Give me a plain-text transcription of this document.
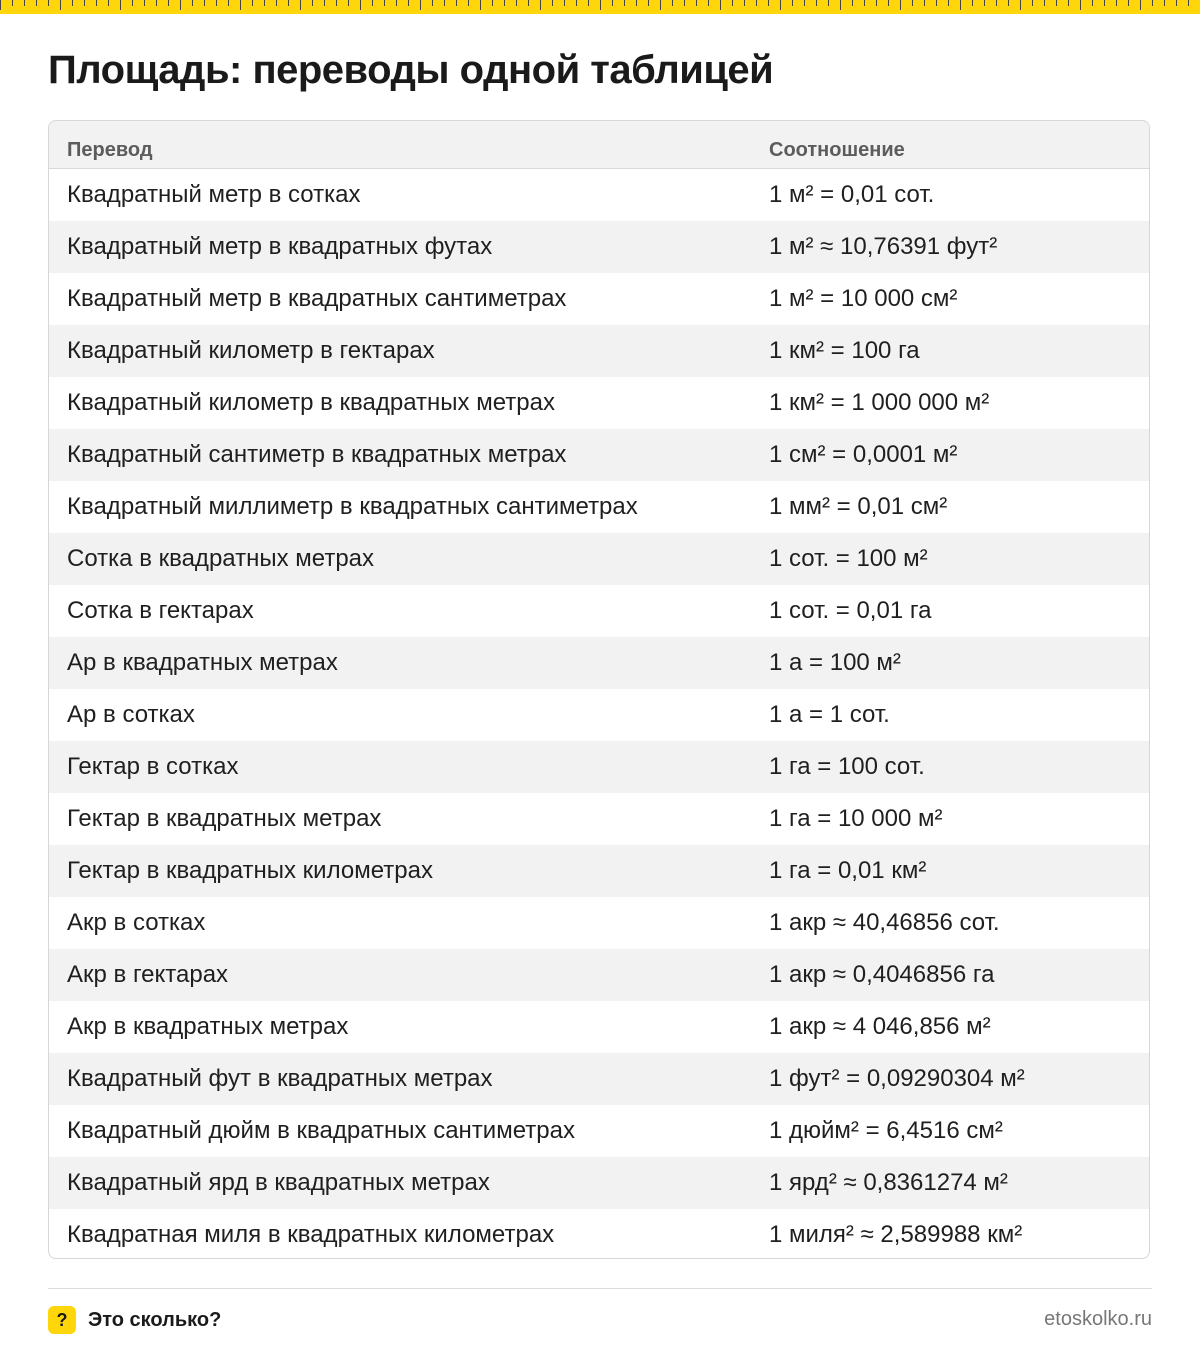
Площадь: переводы одной таблицей
Перевод	Соотношение
Квадратный метр в сотках	1 м² = 0,01 сот.
Квадратный метр в квадратных футах	1 м² ≈ 10,76391 фут²
Квадратный метр в квадратных сантиметрах	1 м² = 10 000 см²
Квадратный километр в гектарах	1 км² = 100 га
Квадратный километр в квадратных метрах	1 км² = 1 000 000 м²
Квадратный сантиметр в квадратных метрах	1 см² = 0,0001 м²
Квадратный миллиметр в квадратных сантиметрах	1 мм² = 0,01 см²
Сотка в квадратных метрах	1 сот. = 100 м²
Сотка в гектарах	1 сот. = 0,01 га
Ар в квадратных метрах	1 а = 100 м²
Ар в сотках	1 а = 1 сот.
Гектар в сотках	1 га = 100 сот.
Гектар в квадратных метрах	1 га = 10 000 м²
Гектар в квадратных километрах	1 га = 0,01 км²
Акр в сотках	1 акр ≈ 40,46856 сот.
Акр в гектарах	1 акр ≈ 0,4046856 га
Акр в квадратных метрах	1 акр ≈ 4 046,856 м²
Квадратный фут в квадратных метрах	1 фут² = 0,09290304 м²
Квадратный дюйм в квадратных сантиметрах	1 дюйм² = 6,4516 см²
Квадратный ярд в квадратных метрах	1 ярд² ≈ 0,8361274 м²
Квадратная миля в квадратных километрах	1 миля² ≈ 2,589988 км²
?	Это сколько?	etoskolko.ru
